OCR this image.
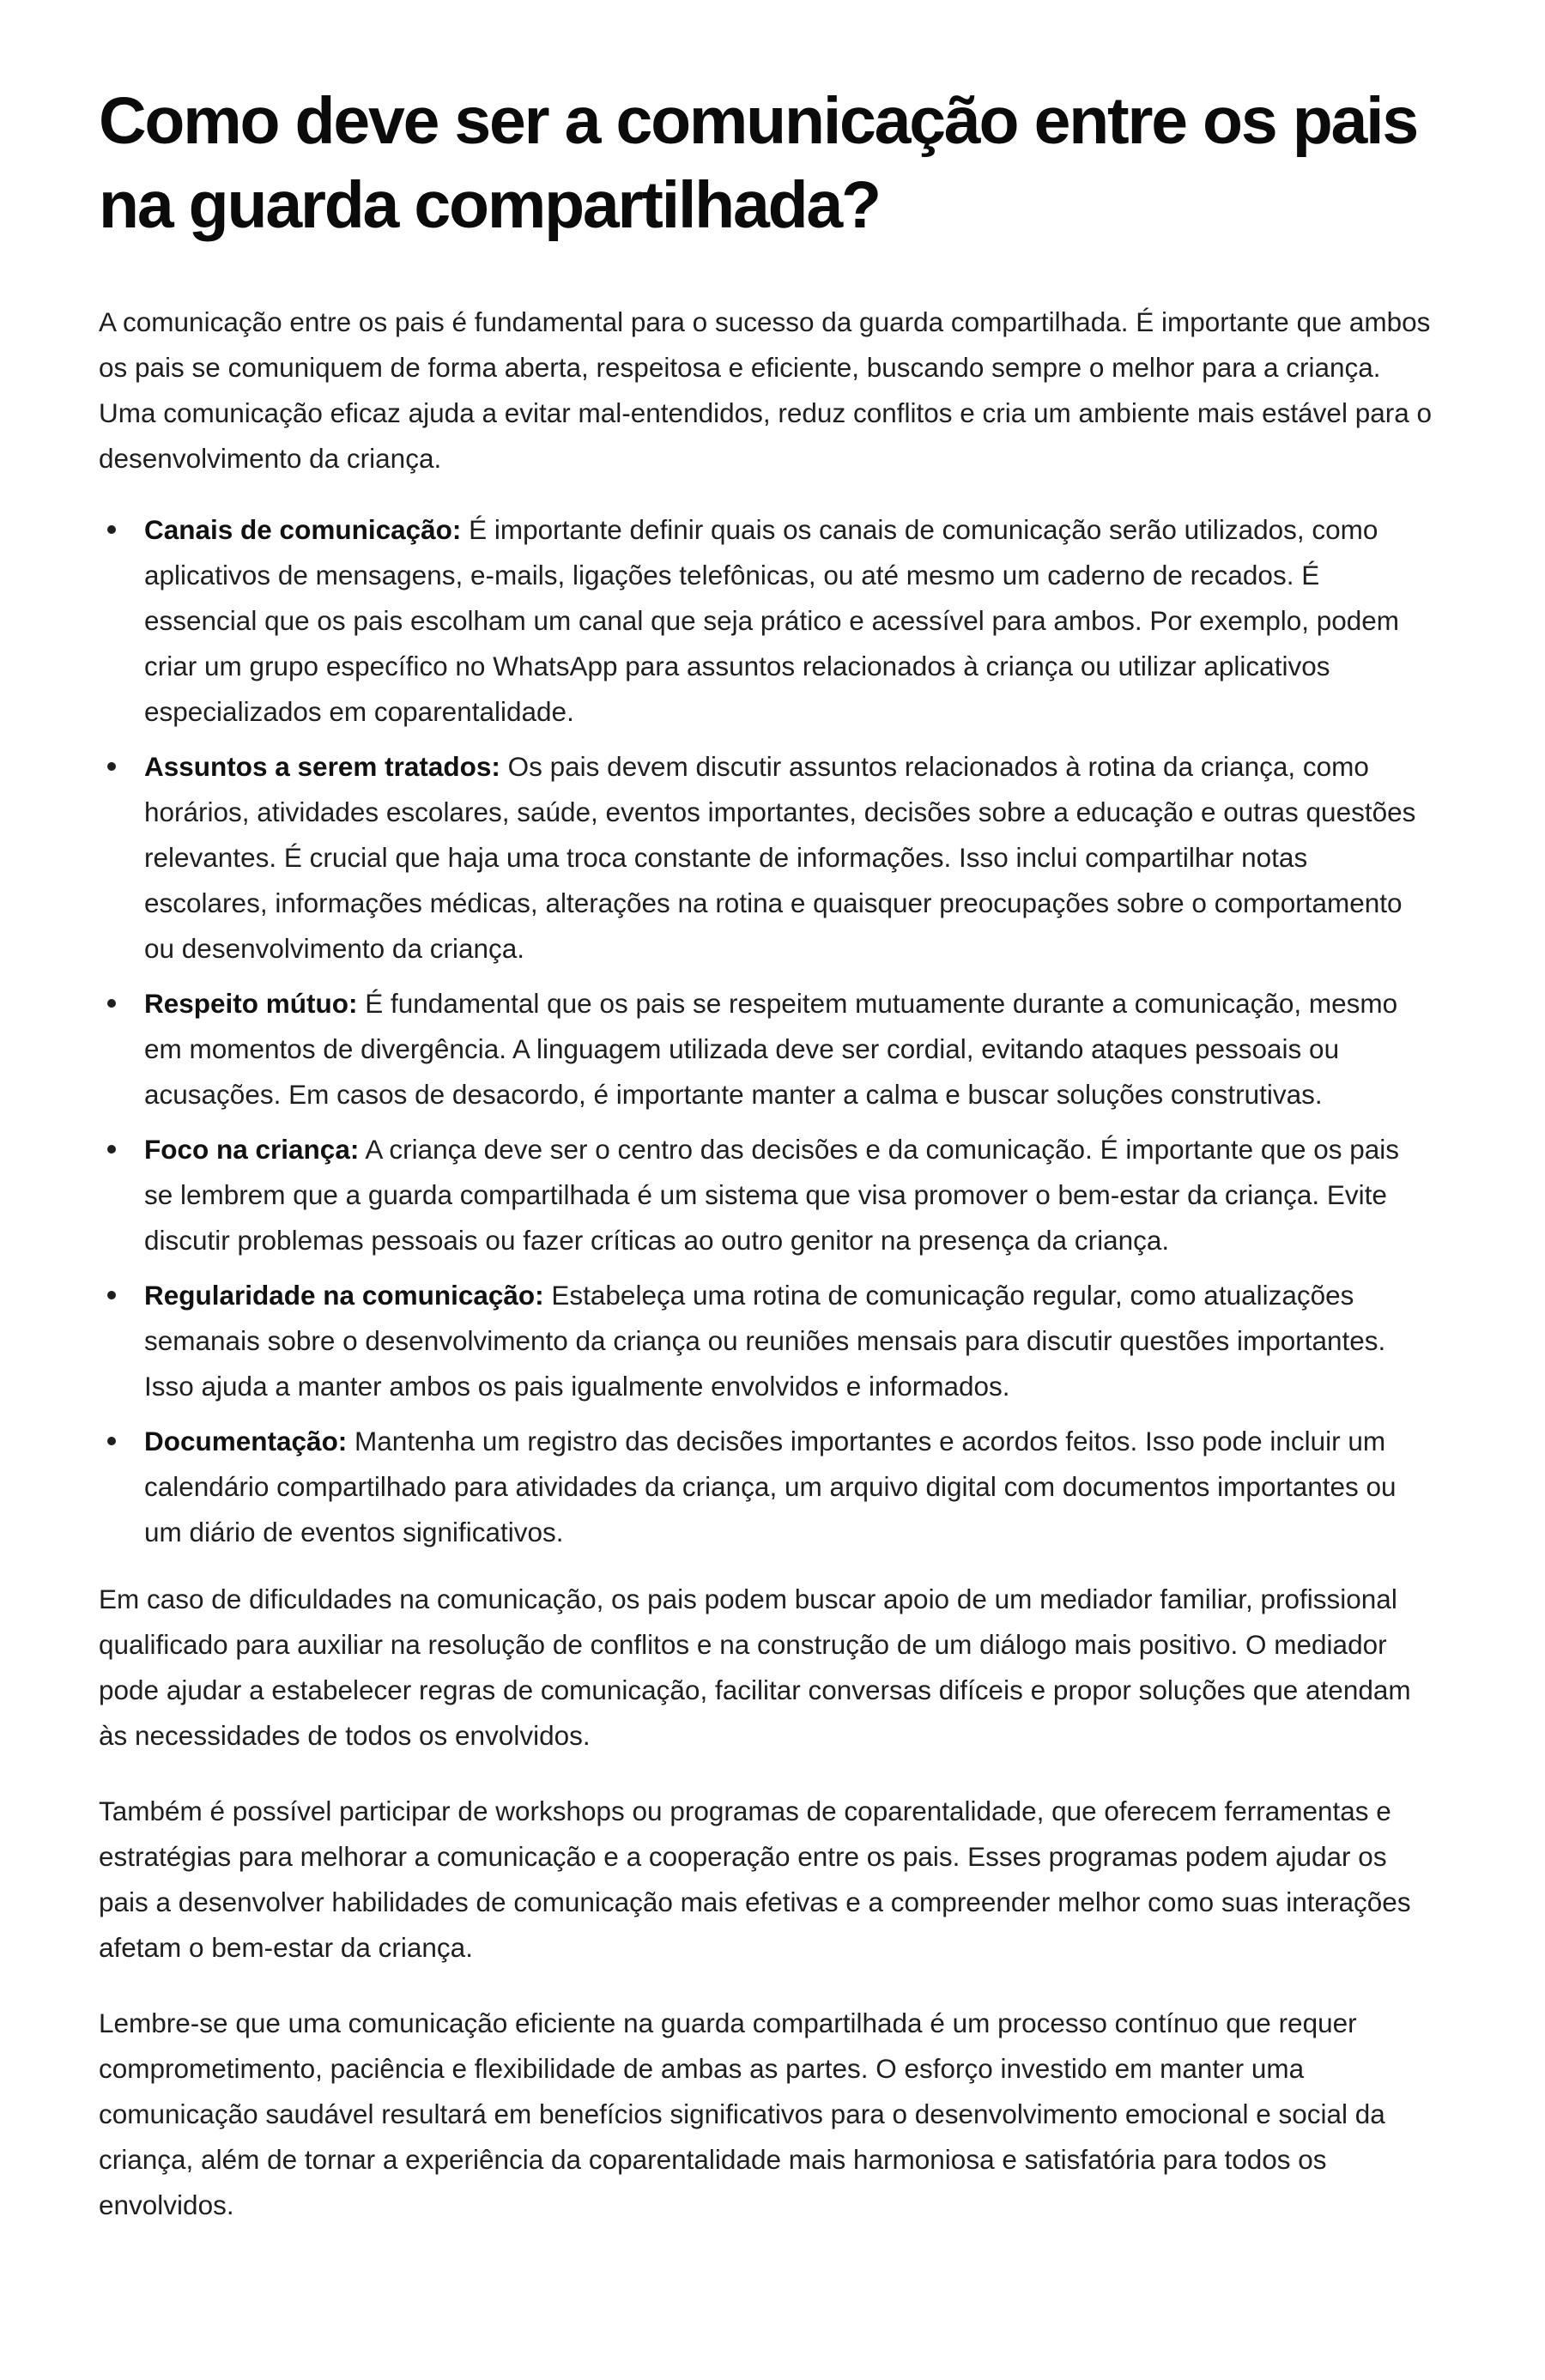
Como deve ser a comunicação entre os pais na guarda compartilhada?

A comunicação entre os pais é fundamental para o sucesso da guarda compartilhada. É importante que ambos os pais se comuniquem de forma aberta, respeitosa e eficiente, buscando sempre o melhor para a criança. Uma comunicação eficaz ajuda a evitar mal-entendidos, reduz conflitos e cria um ambiente mais estável para o desenvolvimento da criança.

Canais de comunicação: É importante definir quais os canais de comunicação serão utilizados, como aplicativos de mensagens, e-mails, ligações telefônicas, ou até mesmo um caderno de recados. É essencial que os pais escolham um canal que seja prático e acessível para ambos. Por exemplo, podem criar um grupo específico no WhatsApp para assuntos relacionados à criança ou utilizar aplicativos especializados em coparentalidade.
Assuntos a serem tratados: Os pais devem discutir assuntos relacionados à rotina da criança, como horários, atividades escolares, saúde, eventos importantes, decisões sobre a educação e outras questões relevantes. É crucial que haja uma troca constante de informações. Isso inclui compartilhar notas escolares, informações médicas, alterações na rotina e quaisquer preocupações sobre o comportamento ou desenvolvimento da criança.
Respeito mútuo: É fundamental que os pais se respeitem mutuamente durante a comunicação, mesmo em momentos de divergência. A linguagem utilizada deve ser cordial, evitando ataques pessoais ou acusações. Em casos de desacordo, é importante manter a calma e buscar soluções construtivas.
Foco na criança: A criança deve ser o centro das decisões e da comunicação. É importante que os pais se lembrem que a guarda compartilhada é um sistema que visa promover o bem-estar da criança. Evite discutir problemas pessoais ou fazer críticas ao outro genitor na presença da criança.
Regularidade na comunicação: Estabeleça uma rotina de comunicação regular, como atualizações semanais sobre o desenvolvimento da criança ou reuniões mensais para discutir questões importantes. Isso ajuda a manter ambos os pais igualmente envolvidos e informados.
Documentação: Mantenha um registro das decisões importantes e acordos feitos. Isso pode incluir um calendário compartilhado para atividades da criança, um arquivo digital com documentos importantes ou um diário de eventos significativos.

Em caso de dificuldades na comunicação, os pais podem buscar apoio de um mediador familiar, profissional qualificado para auxiliar na resolução de conflitos e na construção de um diálogo mais positivo. O mediador pode ajudar a estabelecer regras de comunicação, facilitar conversas difíceis e propor soluções que atendam às necessidades de todos os envolvidos.

Também é possível participar de workshops ou programas de coparentalidade, que oferecem ferramentas e estratégias para melhorar a comunicação e a cooperação entre os pais. Esses programas podem ajudar os pais a desenvolver habilidades de comunicação mais efetivas e a compreender melhor como suas interações afetam o bem-estar da criança.

Lembre-se que uma comunicação eficiente na guarda compartilhada é um processo contínuo que requer comprometimento, paciência e flexibilidade de ambas as partes. O esforço investido em manter uma comunicação saudável resultará em benefícios significativos para o desenvolvimento emocional e social da criança, além de tornar a experiência da coparentalidade mais harmoniosa e satisfatória para todos os envolvidos.
